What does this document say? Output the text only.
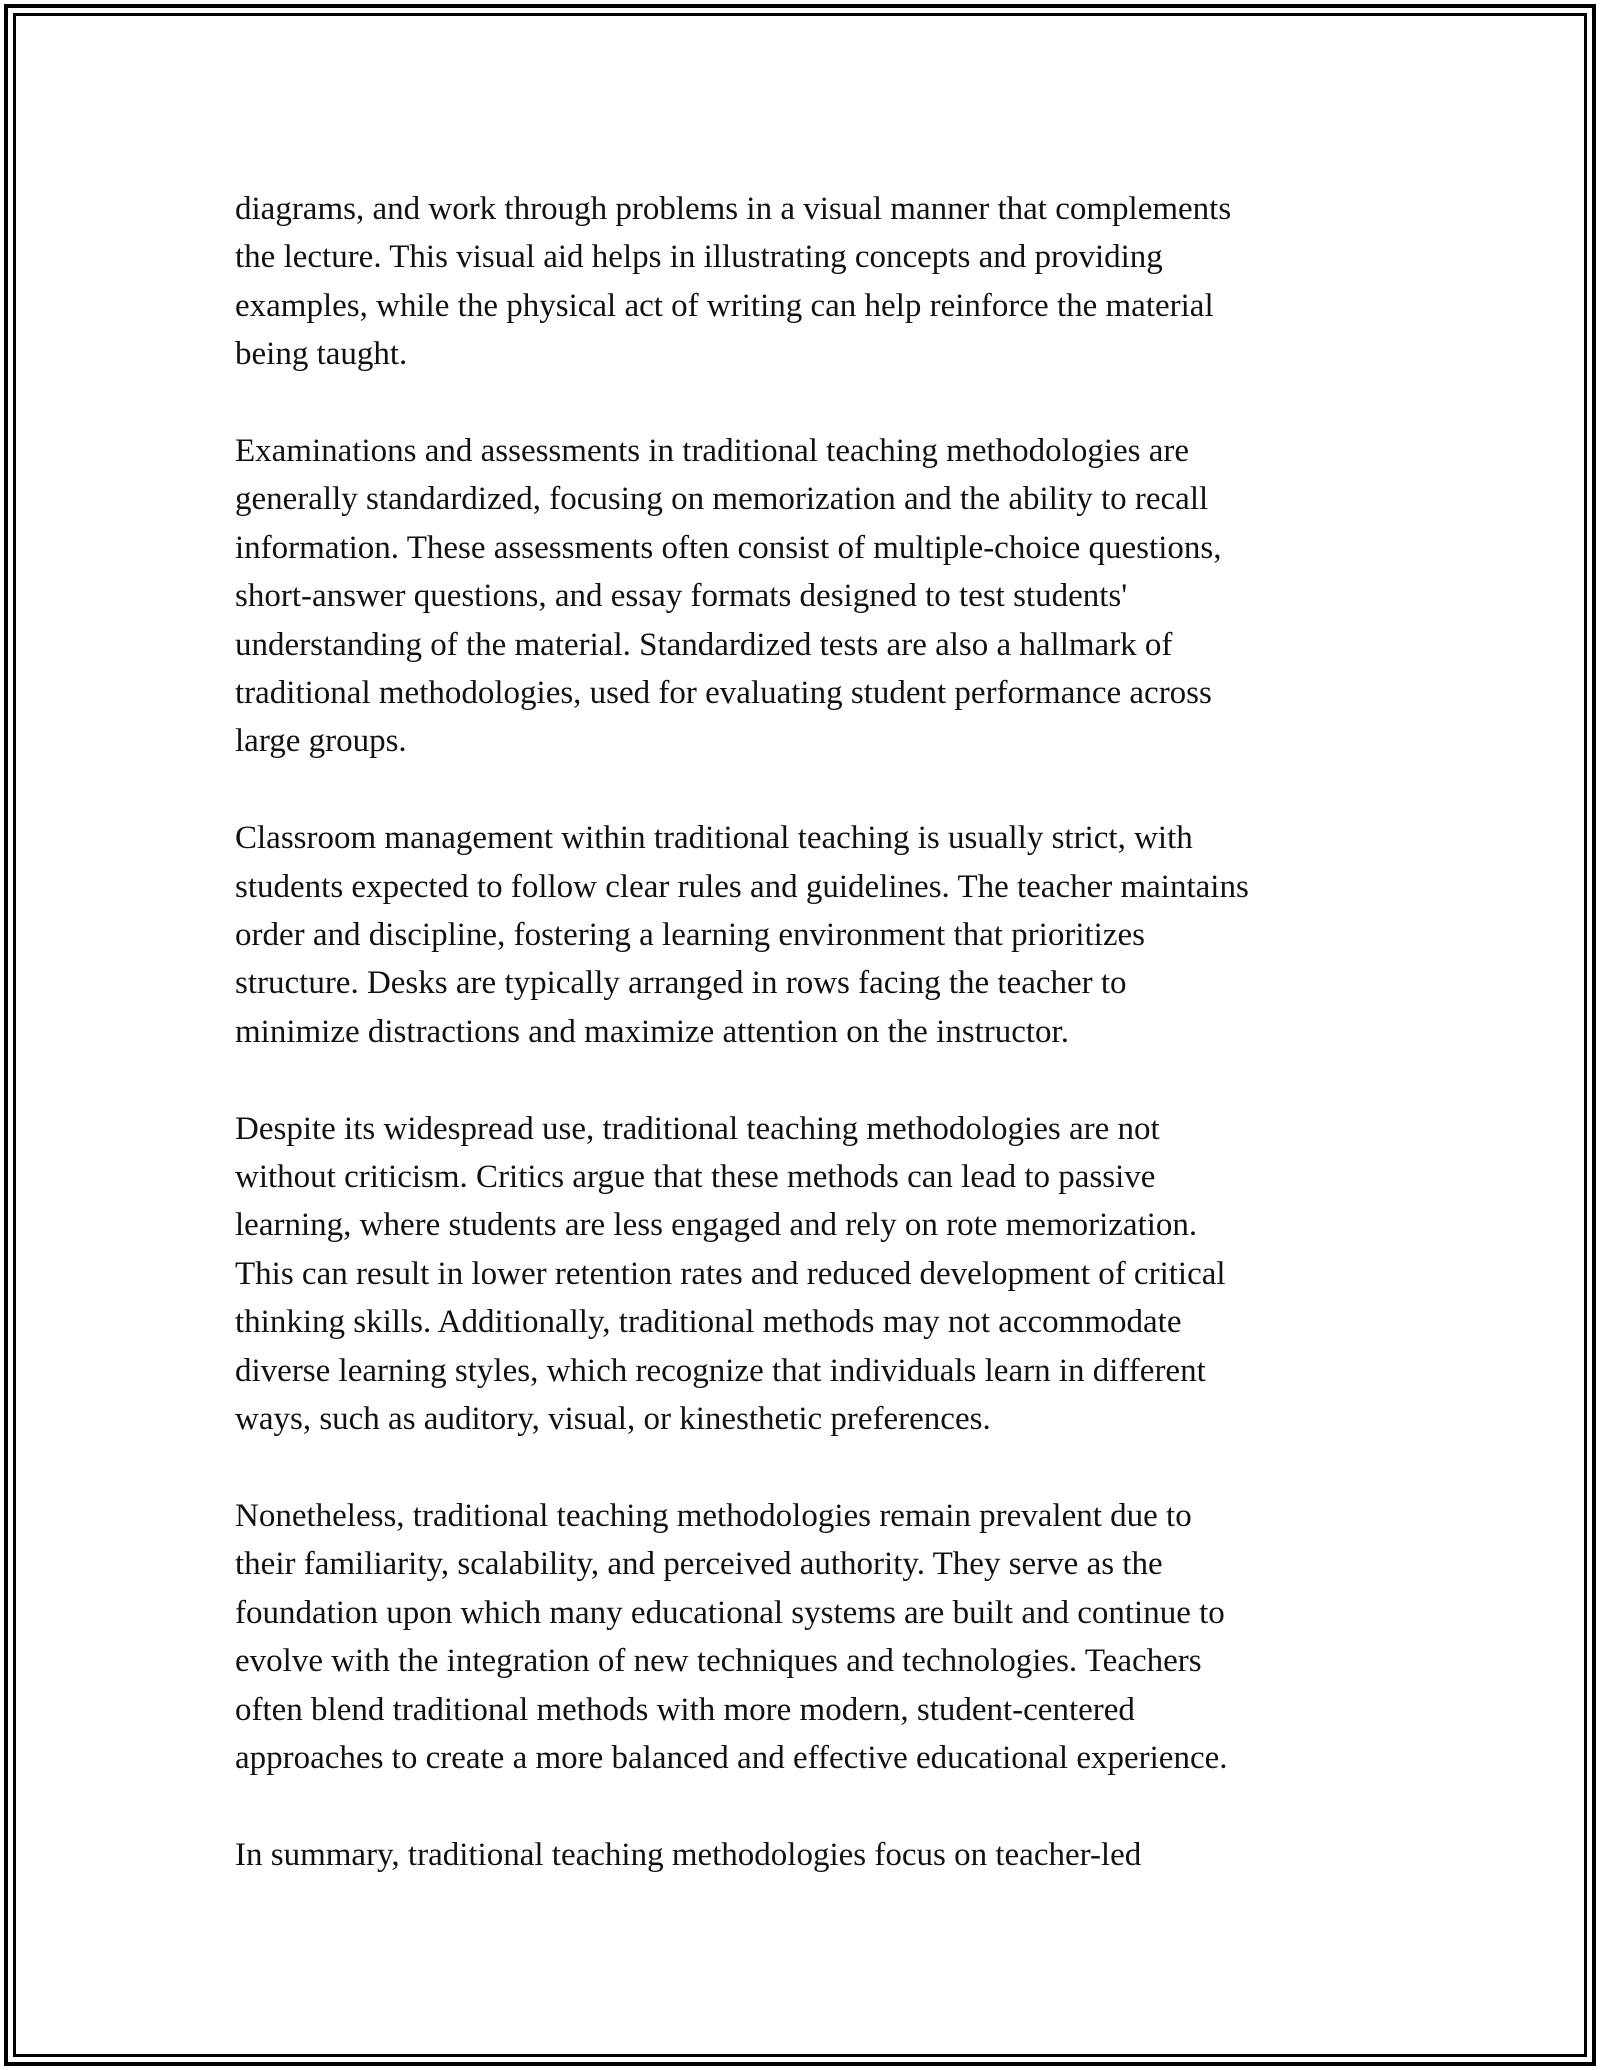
diagrams, and work through problems in a visual manner that complements
the lecture. This visual aid helps in illustrating concepts and providing
examples, while the physical act of writing can help reinforce the material
being taught.

Examinations and assessments in traditional teaching methodologies are
generally standardized, focusing on memorization and the ability to recall
information. These assessments often consist of multiple-choice questions,
short-answer questions, and essay formats designed to test students'
understanding of the material. Standardized tests are also a hallmark of
traditional methodologies, used for evaluating student performance across
large groups.

Classroom management within traditional teaching is usually strict, with
students expected to follow clear rules and guidelines. The teacher maintains
order and discipline, fostering a learning environment that prioritizes
structure. Desks are typically arranged in rows facing the teacher to
minimize distractions and maximize attention on the instructor.

Despite its widespread use, traditional teaching methodologies are not
without criticism. Critics argue that these methods can lead to passive
learning, where students are less engaged and rely on rote memorization.
This can result in lower retention rates and reduced development of critical
thinking skills. Additionally, traditional methods may not accommodate
diverse learning styles, which recognize that individuals learn in different
ways, such as auditory, visual, or kinesthetic preferences.

Nonetheless, traditional teaching methodologies remain prevalent due to
their familiarity, scalability, and perceived authority. They serve as the
foundation upon which many educational systems are built and continue to
evolve with the integration of new techniques and technologies. Teachers
often blend traditional methods with more modern, student-centered
approaches to create a more balanced and effective educational experience.

In summary, traditional teaching methodologies focus on teacher-led
